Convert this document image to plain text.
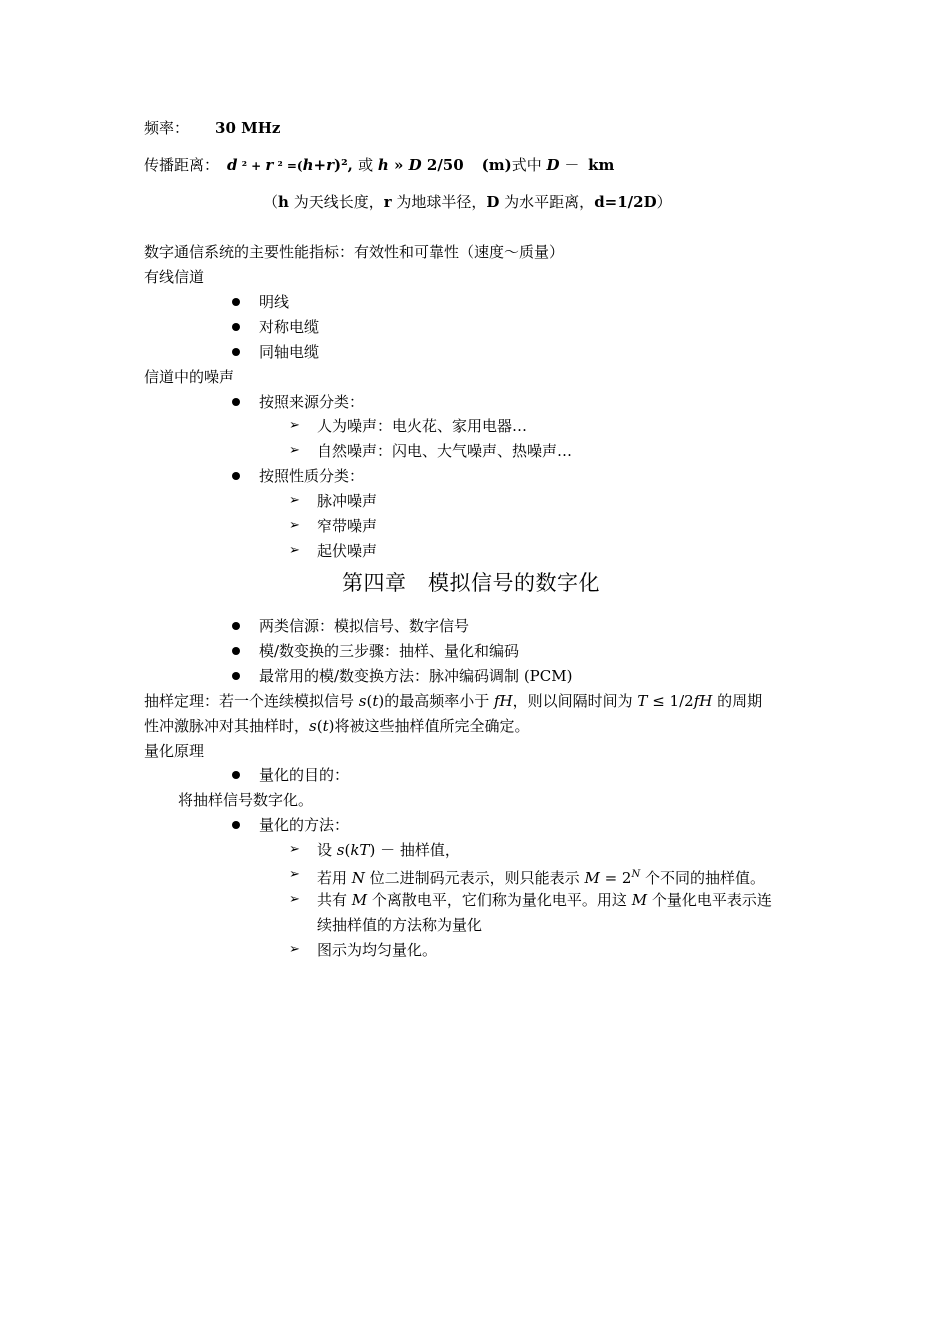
频率： 30 MHz
传播距离： d ² + r ² =(h+r)², 或 h » D 2/50 (m)式中 D － km
（h 为天线长度，r 为地球半径，D 为水平距离，d=1/2D）
数字通信系统的主要性能指标：有效性和可靠性（速度～质量）
有线信道
明线
对称电缆
同轴电缆
信道中的噪声
按照来源分类：
➢ 人为噪声：电火花、家用电器…
➢ 自然噪声：闪电、大气噪声、热噪声…
按照性质分类：
➢ 脉冲噪声
➢ 窄带噪声
➢ 起伏噪声
第四章　模拟信号的数字化
两类信源：模拟信号、数字信号
模/数变换的三步骤：抽样、量化和编码
最常用的模/数变换方法：脉冲编码调制 (PCM)
抽样定理：若一个连续模拟信号 s(t)的最高频率小于 fH，则以间隔时间为 T ≤ 1/2fH 的周期
性冲激脉冲对其抽样时，s(t)将被这些抽样值所完全确定。
量化原理
量化的目的：
将抽样信号数字化。
量化的方法：
➢ 设 s(kT) － 抽样值，
➢ 若用 N 位二进制码元表示，则只能表示 $M = 2^N$ 个不同的抽样值。
➢ 共有 M 个离散电平，它们称为量化电平。用这 M 个量化电平表示连
续抽样值的方法称为量化
➢ 图示为均匀量化。
